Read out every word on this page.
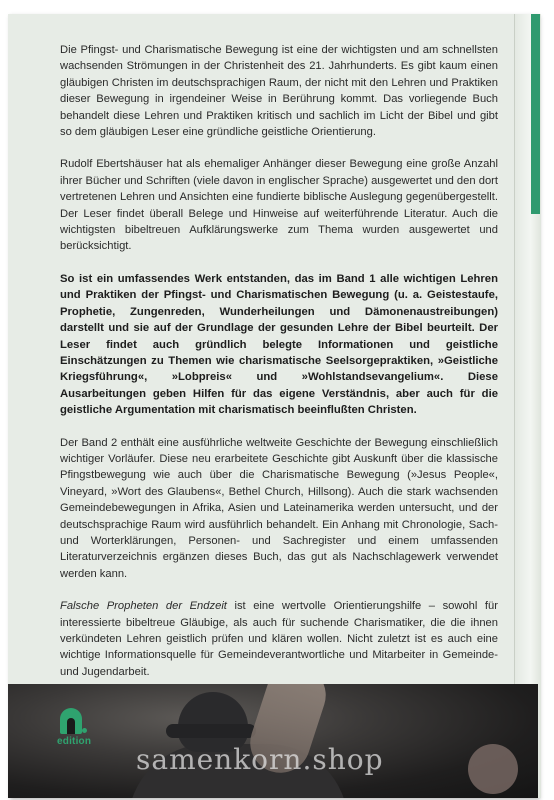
Die Pfingst- und Charismatische Bewegung ist eine der wichtigsten und am schnellsten wachsenden Strömungen in der Christenheit des 21. Jahrhunderts. Es gibt kaum einen gläubigen Christen im deutschsprachigen Raum, der nicht mit den Lehren und Praktiken dieser Bewegung in irgendeiner Weise in Berührung kommt. Das vorliegende Buch behandelt diese Lehren und Praktiken kritisch und sachlich im Licht der Bibel und gibt so dem gläubigen Leser eine gründliche geistliche Orientierung.

Rudolf Ebertshäuser hat als ehemaliger Anhänger dieser Bewegung eine große Anzahl ihrer Bücher und Schriften (viele davon in englischer Sprache) ausgewertet und den dort vertretenen Lehren und Ansichten eine fundierte biblische Auslegung gegenübergestellt. Der Leser findet überall Belege und Hinweise auf weiterführende Literatur. Auch die wichtigsten bibeltreuen Aufklärungswerke zum Thema wurden ausgewertet und berücksichtigt.

So ist ein umfassendes Werk entstanden, das im Band 1 alle wichtigen Lehren und Praktiken der Pfingst- und Charismatischen Bewegung (u. a. Geistestaufe, Prophetie, Zungenreden, Wunderheilungen und Dämonenaustreibungen) darstellt und sie auf der Grundlage der gesunden Lehre der Bibel beurteilt. Der Leser findet auch gründlich belegte Informationen und geistliche Einschätzungen zu Themen wie charismatische Seelsorgepraktiken, »Geistliche Kriegsführung«, »Lobpreis« und »Wohlstandsevangelium«. Diese Ausarbeitungen geben Hilfen für das eigene Verständnis, aber auch für die geistliche Argumentation mit charismatisch beeinflußten Christen.

Der Band 2 enthält eine ausführliche weltweite Geschichte der Bewegung einschließlich wichtiger Vorläufer. Diese neu erarbeitete Geschichte gibt Auskunft über die klassische Pfingstbewegung wie auch über die Charismatische Bewegung (»Jesus People«, Vineyard, »Wort des Glaubens«, Bethel Church, Hillsong). Auch die stark wachsenden Gemeindebewegungen in Afrika, Asien und Lateinamerika werden untersucht, und der deutschsprachige Raum wird ausführlich behandelt. Ein Anhang mit Chronologie, Sach- und Worterklärungen, Personen- und Sachregister und einem umfassenden Literaturverzeichnis ergänzen dieses Buch, das gut als Nachschlagewerk verwendet werden kann.

Falsche Propheten der Endzeit ist eine wertvolle Orientierungshilfe – sowohl für interessierte bibeltreue Gläubige, als auch für suchende Charismatiker, die die ihnen verkündeten Lehren geistlich prüfen und klären wollen. Nicht zuletzt ist es auch eine wichtige Informationsquelle für Gemeindeverantwortliche und Mitarbeiter in Gemeinde- und Jugendarbeit.

edition
samenkorn.shop
